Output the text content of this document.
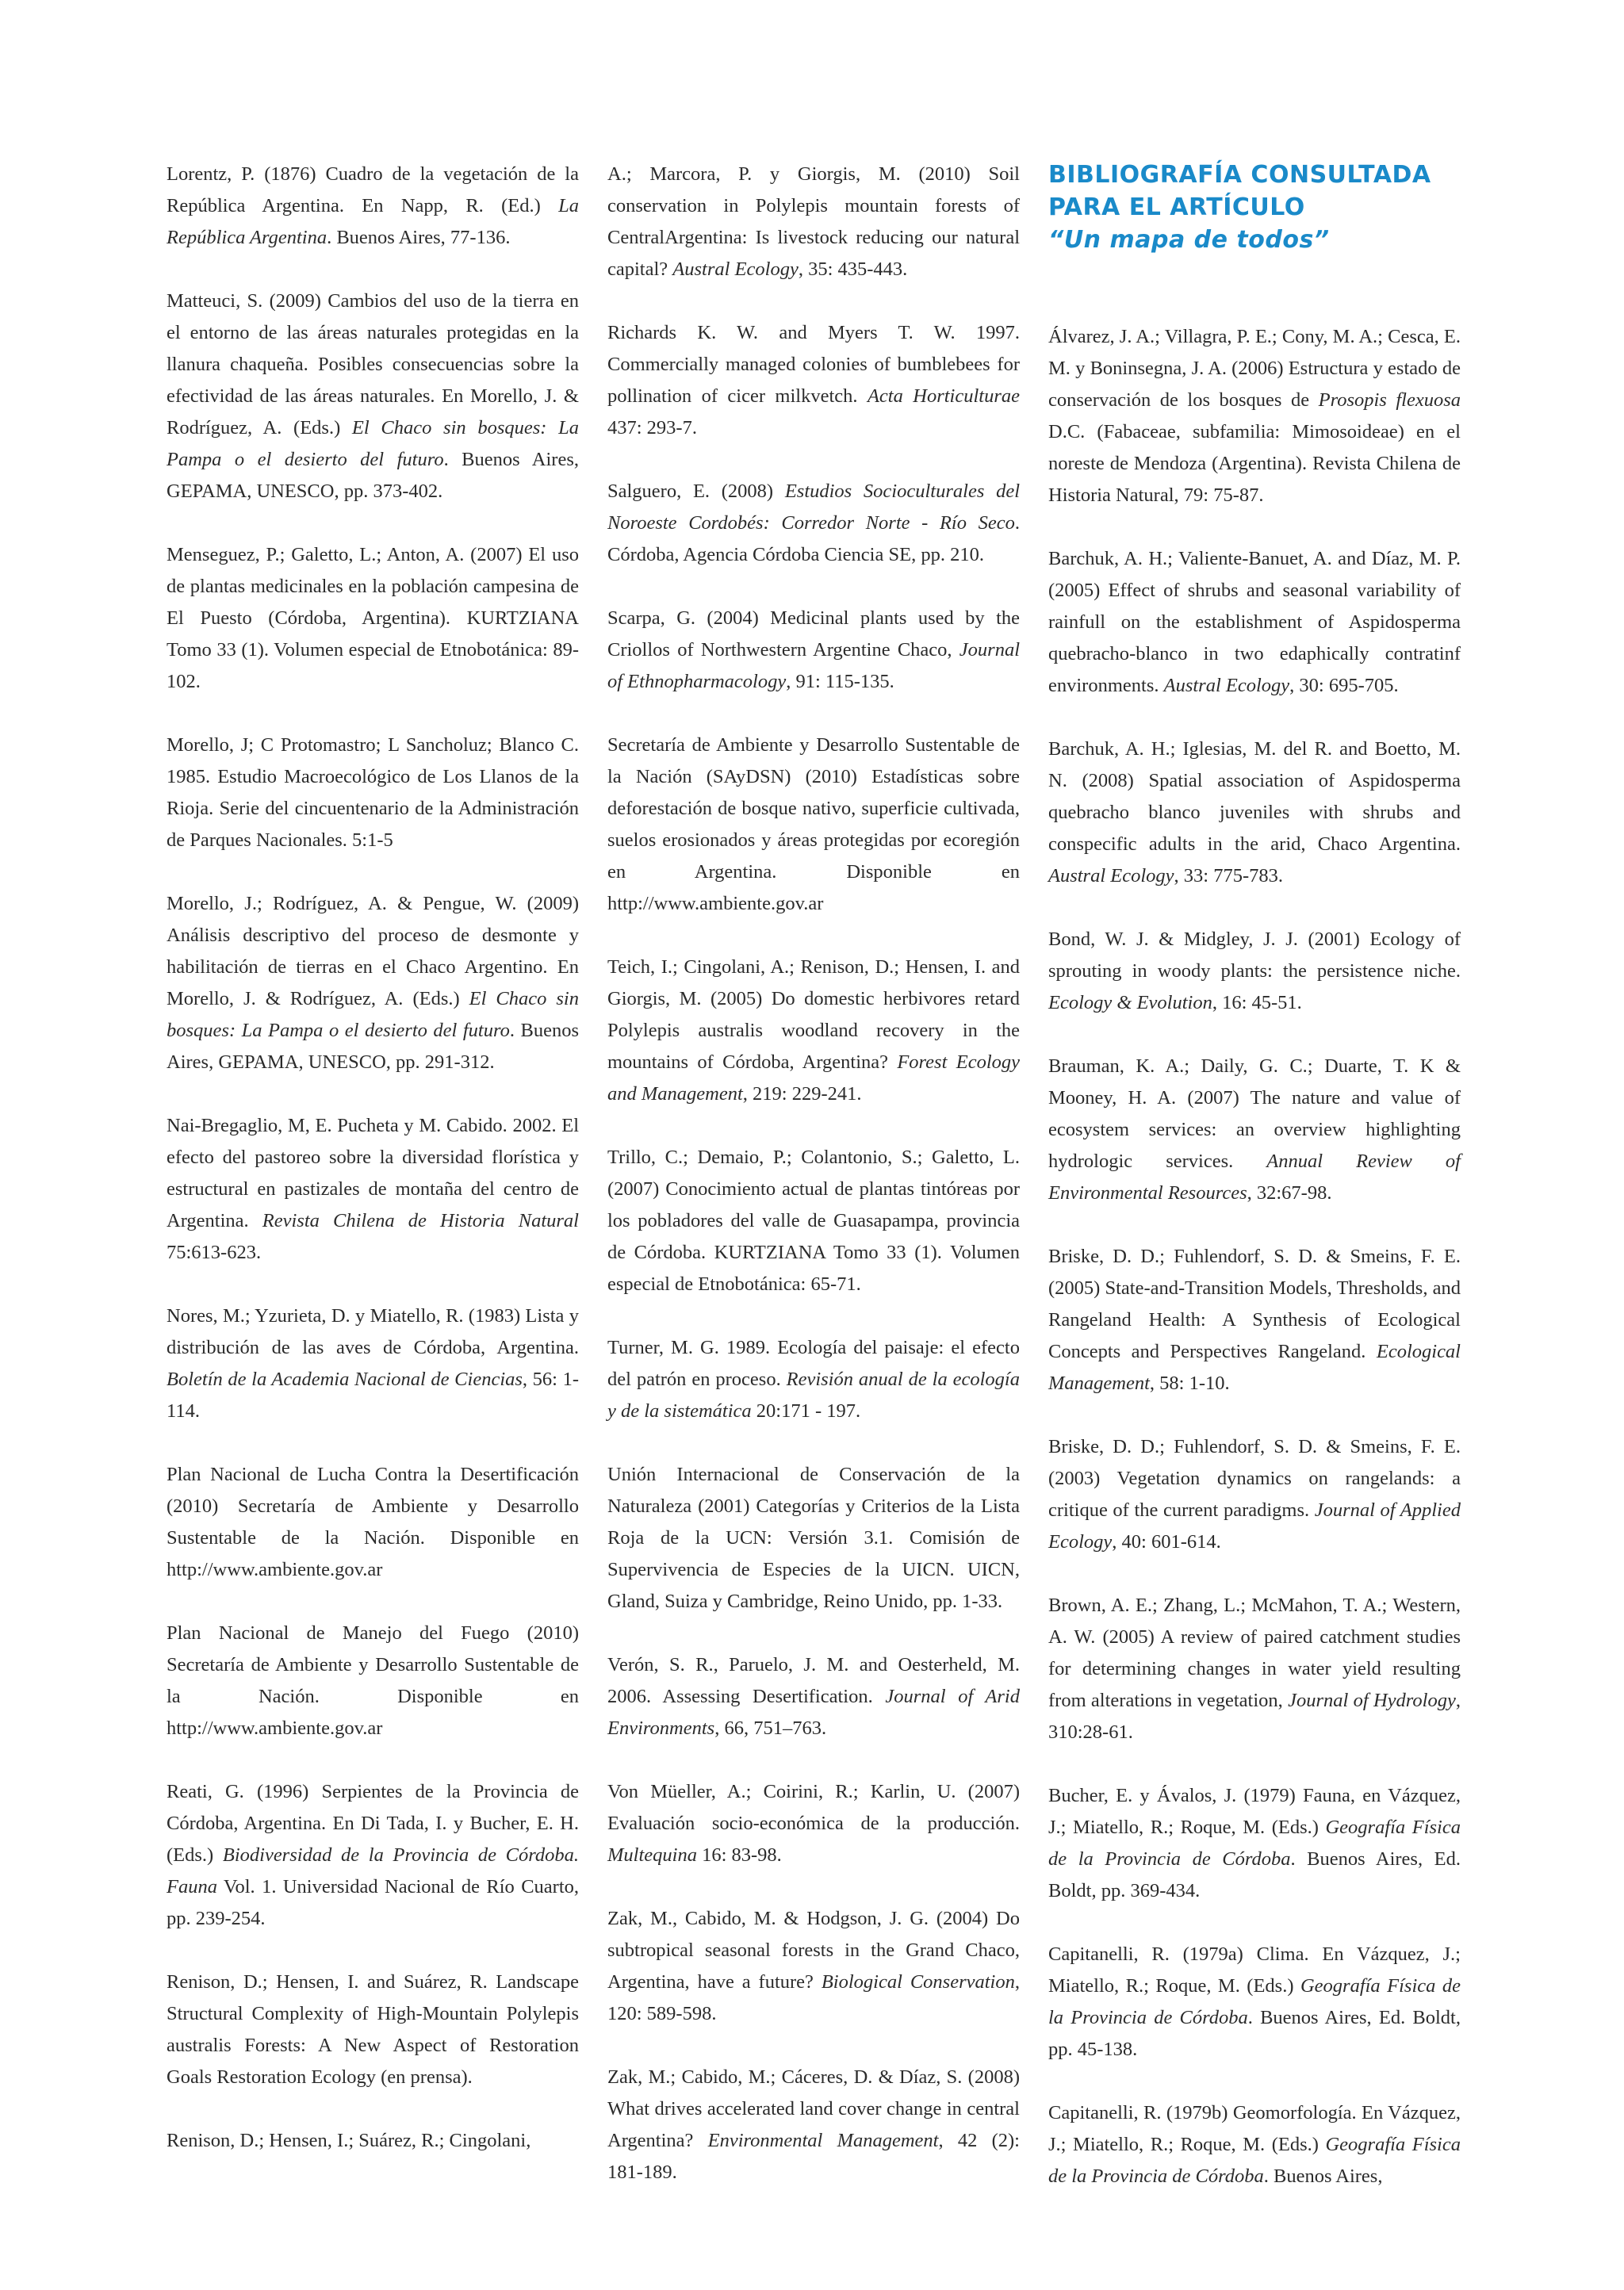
Lorentz, P. (1876) Cuadro de la vegetación de la República Argentina. En Napp, R. (Ed.) La República Argentina. Buenos Aires, 77-136.

Matteuci, S. (2009) Cambios del uso de la tierra en el entorno de las áreas naturales protegidas en la llanura chaqueña. Posibles consecuencias sobre la efectividad de las áreas naturales. En Morello, J. & Rodríguez, A. (Eds.) El Chaco sin bosques: La Pampa o el desierto del futuro. Buenos Aires, GEPAMA, UNESCO, pp. 373-402.

Menseguez, P.; Galetto, L.; Anton, A. (2007) El uso de plantas medicinales en la población campesina de El Puesto (Córdoba, Argentina). KURTZIANA Tomo 33 (1). Volumen especial de Etnobotánica: 89-102.

Morello, J; C Protomastro; L Sancholuz; Blanco C. 1985. Estudio Macroecológico de Los Llanos de la Rioja. Serie del cincuentenario de la Administración de Parques Nacionales. 5:1-5

Morello, J.; Rodríguez, A. & Pengue, W. (2009) Análisis descriptivo del proceso de desmonte y habilitación de tierras en el Chaco Argentino. En Morello, J. & Rodríguez, A. (Eds.) El Chaco sin bosques: La Pampa o el desierto del futuro. Buenos Aires, GEPAMA, UNESCO, pp. 291-312.

Nai-Bregaglio, M, E. Pucheta y M. Cabido. 2002. El efecto del pastoreo sobre la diversidad florística y estructural en pastizales de montaña del centro de Argentina. Revista Chilena de Historia Natural 75:613-623.

Nores, M.; Yzurieta, D. y Miatello, R. (1983) Lista y distribución de las aves de Córdoba, Argentina. Boletín de la Academia Nacional de Ciencias, 56: 1-114.

Plan Nacional de Lucha Contra la Desertificación (2010) Secretaría de Ambiente y Desarrollo Sustentable de la Nación. Disponible en http://www.ambiente.gov.ar

Plan Nacional de Manejo del Fuego (2010) Secretaría de Ambiente y Desarrollo Sustentable de la Nación. Disponible en http://www.ambiente.gov.ar

Reati, G. (1996) Serpientes de la Provincia de Córdoba, Argentina. En Di Tada, I. y Bucher, E. H. (Eds.) Biodiversidad de la Provincia de Córdoba. Fauna Vol. 1. Universidad Nacional de Río Cuarto, pp. 239-254.

Renison, D.; Hensen, I. and Suárez, R. Landscape Structural Complexity of High-Mountain Polylepis australis Forests: A New Aspect of Restoration Goals Restoration Ecology (en prensa).

Renison, D.; Hensen, I.; Suárez, R.; Cingolani,

A.; Marcora, P. y Giorgis, M. (2010) Soil conservation in Polylepis mountain forests of CentralArgentina: Is livestock reducing our natural capital? Austral Ecology, 35: 435-443.

Richards K. W. and Myers T. W. 1997. Commercially managed colonies of bumblebees for pollination of cicer milkvetch. Acta Horticulturae 437: 293-7.

Salguero, E. (2008) Estudios Socioculturales del Noroeste Cordobés: Corredor Norte - Río Seco. Córdoba, Agencia Córdoba Ciencia SE, pp. 210.

Scarpa, G. (2004) Medicinal plants used by the Criollos of Northwestern Argentine Chaco, Journal of Ethnopharmacology, 91: 115-135.

Secretaría de Ambiente y Desarrollo Sustentable de la Nación (SAyDSN) (2010) Estadísticas sobre deforestación de bosque nativo, superficie cultivada, suelos erosionados y áreas protegidas por ecoregión en Argentina. Disponible en http://www.ambiente.gov.ar

Teich, I.; Cingolani, A.; Renison, D.; Hensen, I. and Giorgis, M. (2005) Do domestic herbivores retard Polylepis australis woodland recovery in the mountains of Córdoba, Argentina? Forest Ecology and Management, 219: 229-241.

Trillo, C.; Demaio, P.; Colantonio, S.; Galetto, L. (2007) Conocimiento actual de plantas tintóreas por los pobladores del valle de Guasapampa, provincia de Córdoba. KURTZIANA Tomo 33 (1). Volumen especial de Etnobotánica: 65-71.

Turner, M. G. 1989. Ecología del paisaje: el efecto del patrón en proceso. Revisión anual de la ecología y de la sistemática 20:171 - 197.

Unión Internacional de Conservación de la Naturaleza (2001) Categorías y Criterios de la Lista Roja de la UCN: Versión 3.1. Comisión de Supervivencia de Especies de la UICN. UICN, Gland, Suiza y Cambridge, Reino Unido, pp. 1-33.

Verón, S. R., Paruelo, J. M. and Oesterheld, M. 2006. Assessing Desertification. Journal of Arid Environments, 66, 751–763.

Von Müeller, A.; Coirini, R.; Karlin, U. (2007) Evaluación socio-económica de la producción. Multequina 16: 83-98.

Zak, M., Cabido, M. & Hodgson, J. G. (2004) Do subtropical seasonal forests in the Grand Chaco, Argentina, have a future? Biological Conservation, 120: 589-598.

Zak, M.; Cabido, M.; Cáceres, D. & Díaz, S. (2008) What drives accelerated land cover change in central Argentina? Environmental Management, 42 (2): 181-189.

BIBLIOGRAFÍA CONSULTADA
PARA EL ARTÍCULO
“Un mapa de todos”

Álvarez, J. A.; Villagra, P. E.; Cony, M. A.; Cesca, E. M. y Boninsegna, J. A. (2006) Estructura y estado de conservación de los bosques de Prosopis flexuosa D.C. (Fabaceae, subfamilia: Mimosoideae) en el noreste de Mendoza (Argentina). Revista Chilena de Historia Natural, 79: 75-87.

Barchuk, A. H.; Valiente-Banuet, A. and Díaz, M. P. (2005) Effect of shrubs and seasonal variability of rainfull on the establishment of Aspidosperma quebracho-blanco in two edaphically contratinf environments. Austral Ecology, 30: 695-705.

Barchuk, A. H.; Iglesias, M. del R. and Boetto, M. N. (2008) Spatial association of Aspidosperma quebracho blanco juveniles with shrubs and conspecific adults in the arid, Chaco Argentina. Austral Ecology, 33: 775-783.

Bond, W. J. & Midgley, J. J. (2001) Ecology of sprouting in woody plants: the persistence niche. Ecology & Evolution, 16: 45-51.

Brauman, K. A.; Daily, G. C.; Duarte, T. K & Mooney, H. A. (2007) The nature and value of ecosystem services: an overview highlighting hydrologic services. Annual Review of Environmental Resources, 32:67-98.

Briske, D. D.; Fuhlendorf, S. D. & Smeins, F. E. (2005) State-and-Transition Models, Thresholds, and Rangeland Health: A Synthesis of Ecological Concepts and Perspectives Rangeland. Ecological Management, 58: 1-10.

Briske, D. D.; Fuhlendorf, S. D. & Smeins, F. E. (2003) Vegetation dynamics on rangelands: a critique of the current paradigms. Journal of Applied Ecology, 40: 601-614.

Brown, A. E.; Zhang, L.; McMahon, T. A.; Western, A. W. (2005) A review of paired catchment studies for determining changes in water yield resulting from alterations in vegetation, Journal of Hydrology, 310:28-61.

Bucher, E. y Ávalos, J. (1979) Fauna, en Vázquez, J.; Miatello, R.; Roque, M. (Eds.) Geografía Física de la Provincia de Córdoba. Buenos Aires, Ed. Boldt, pp. 369-434.

Capitanelli, R. (1979a) Clima. En Vázquez, J.; Miatello, R.; Roque, M. (Eds.) Geografía Física de la Provincia de Córdoba. Buenos Aires, Ed. Boldt, pp. 45-138.

Capitanelli, R. (1979b) Geomorfología. En Vázquez, J.; Miatello, R.; Roque, M. (Eds.) Geografía Física de la Provincia de Córdoba. Buenos Aires,
